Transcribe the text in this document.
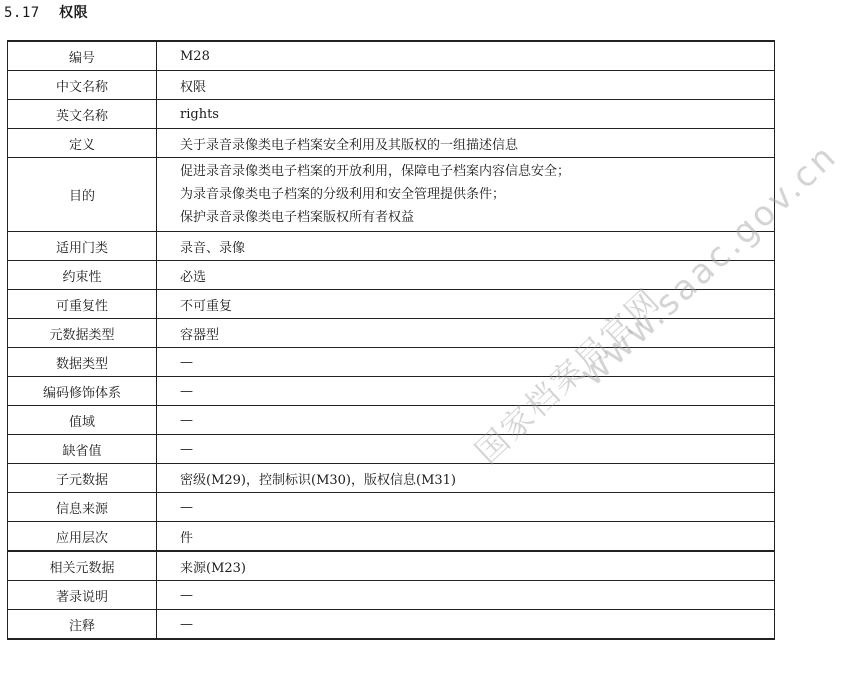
5.17 权限
编号	M28
中文名称	权限
英文名称	rights
定义	关于录音录像类电子档案安全利用及其版权的一组描述信息
目的	促进录音录像类电子档案的开放利用，保障电子档案内容信息安全；
为录音录像类电子档案的分级利用和安全管理提供条件；
保护录音录像类电子档案版权所有者权益

适用门类	录音、录像
约束性	必选
可重复性	不可重复
元数据类型	容器型
数据类型	—
编码修饰体系	—
值域	—
缺省值	—
子元数据	密级(M29)，控制标识(M30)，版权信息(M31)
信息来源	—
应用层次	件
相关元数据	来源(M23)
著录说明	—
注释	—
国家档案局官网
www.saac.gov.cn
